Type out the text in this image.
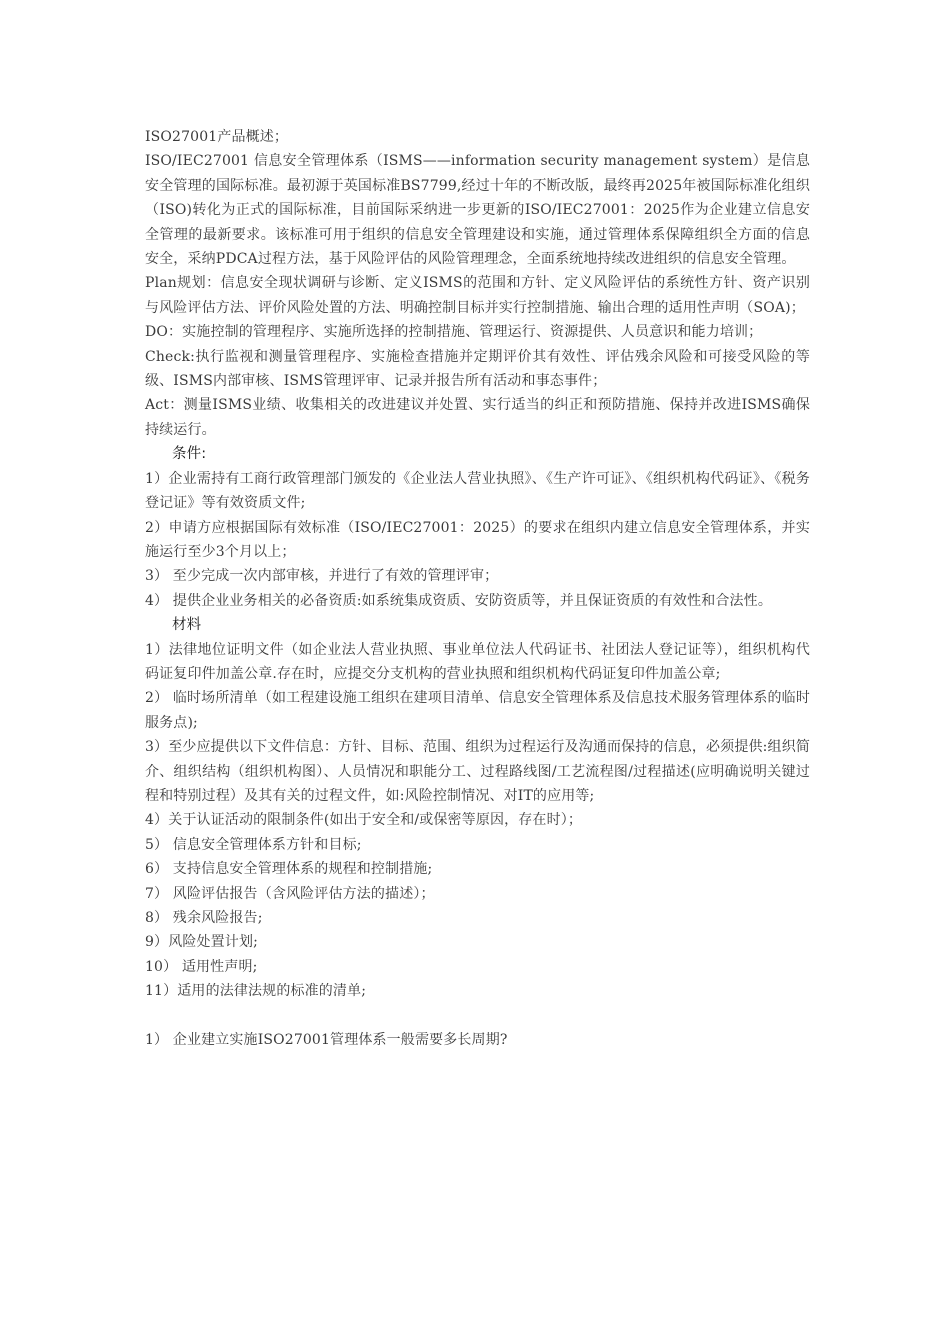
ISO27001产品概述；

ISO/IEC27001 信息安全管理体系（ISMS——information security management system）是信息安全管理的国际标准。最初源于英国标准BS7799,经过十年的不断改版，最终再2025年被国际标准化组织（ISO)转化为正式的国际标准，目前国际采纳进一步更新的ISO/IEC27001：2025作为企业建立信息安全管理的最新要求。该标准可用于组织的信息安全管理建设和实施，通过管理体系保障组织全方面的信息安全，采纳PDCA过程方法，基于风险评估的风险管理理念，全面系统地持续改进组织的信息安全管理。

Plan规划：信息安全现状调研与诊断、定义ISMS的范围和方针、定义风险评估的系统性方针、资产识别与风险评估方法、评价风险处置的方法、明确控制目标并实行控制措施、输出合理的适用性声明（SOA)；

DO：实施控制的管理程序、实施所选择的控制措施、管理运行、资源提供、人员意识和能力培训；

Check:执行监视和测量管理程序、实施检查措施并定期评价其有效性、评估残余风险和可接受风险的等级、ISMS内部审核、ISMS管理评审、记录并报告所有活动和事态事件；

Act：测量ISMS业绩、收集相关的改进建议并处置、实行适当的纠正和预防措施、保持并改进ISMS确保持续运行。

条件:

1）企业需持有工商行政管理部门颁发的《企业法人营业执照》、《生产许可证》、《组织机构代码证》、《税务登记证》等有效资质文件;

2）申请方应根据国际有效标准（ISO/IEC27001：2025）的要求在组织内建立信息安全管理体系，并实施运行至少3个月以上；

3） 至少完成一次内部审核，并进行了有效的管理评审；

4） 提供企业业务相关的必备资质:如系统集成资质、安防资质等，并且保证资质的有效性和合法性。

材料

1）法律地位证明文件（如企业法人营业执照、事业单位法人代码证书、社团法人登记证等），组织机构代码证复印件加盖公章.存在时，应提交分支机构的营业执照和组织机构代码证复印件加盖公章;

2） 临时场所清单（如工程建设施工组织在建项目清单、信息安全管理体系及信息技术服务管理体系的临时服务点);

3）至少应提供以下文件信息：方针、目标、范围、组织为过程运行及沟通而保持的信息，必须提供:组织简介、组织结构（组织机构图）、人员情况和职能分工、过程路线图/工艺流程图/过程描述(应明确说明关键过程和特别过程）及其有关的过程文件，如:风险控制情况、对IT的应用等;

4）关于认证活动的限制条件(如出于安全和/或保密等原因，存在时）；

5） 信息安全管理体系方针和目标;

6） 支持信息安全管理体系的规程和控制措施;

7） 风险评估报告（含风险评估方法的描述）；

8） 残余风险报告;

9）风险处置计划;

10） 适用性声明;

11）适用的法律法规的标准的清单;

1） 企业建立实施ISO27001管理体系一般需要多长周期?
